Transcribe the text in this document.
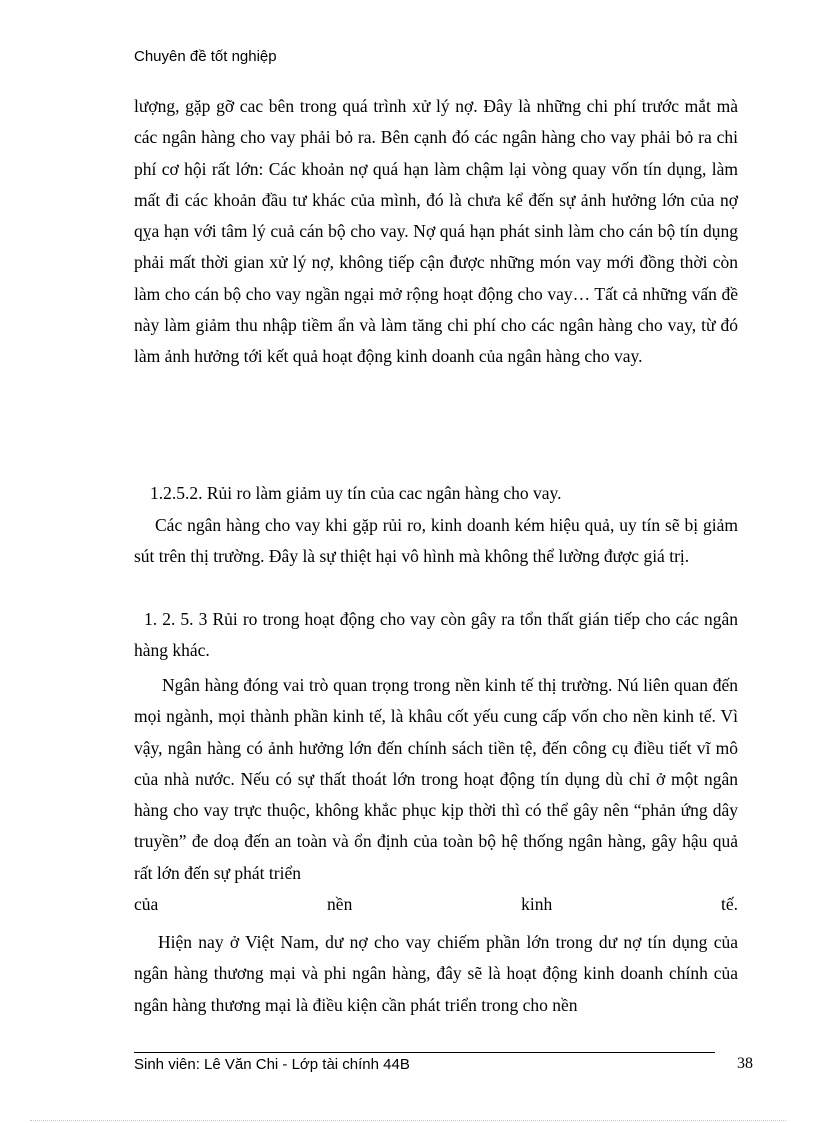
Chuyên đề tốt nghiệp

lượng, gặp gỡ cac bên trong quá trình xử lý nợ. Đây là những chi phí trước mắt mà các ngân hàng cho vay phải bỏ ra. Bên cạnh đó các ngân hàng cho vay phải bỏ ra chi phí cơ hội rất lớn: Các khoản nợ quá hạn làm chậm lại vòng quay vốn tín dụng, làm mất đi các khoản đầu tư khác của mình, đó là chưa kể đến sự ảnh hưởng lớn của nợ qỵa hạn với tâm lý cuả cán bộ cho vay. Nợ quá hạn phát sinh làm cho cán bộ tín dụng phải mất thời gian xử lý nợ, không tiếp cận được những món vay mới đồng thời còn làm cho cán bộ cho vay ngần ngại mở rộng hoạt động cho vay… Tất cả những vấn đề này làm giảm thu nhập tiềm ẩn và làm tăng chi phí cho các ngân hàng cho vay, từ đó làm ảnh hưởng tới kết quả hoạt động kinh doanh của ngân hàng cho vay.

1.2.5.2. Rủi ro làm giảm uy tín của cac ngân hàng cho vay.

Các ngân hàng cho vay khi gặp rủi ro, kinh doanh kém hiệu quả, uy tín sẽ bị giảm sút trên thị trường. Đây là sự thiệt hại vô hình mà không thể lường được giá trị.

1. 2. 5. 3 Rủi ro trong hoạt động cho vay còn gây ra tổn thất gián tiếp cho các ngân hàng khác.

Ngân hàng đóng vai trò quan trọng trong nền kinh tế thị trường. Nú liên quan đến mọi ngành, mọi thành phần kinh tế, là khâu cốt yếu cung cấp vốn cho nền kinh tế. Vì vậy, ngân hàng có ảnh hưởng lớn đến chính sách tiền tệ, đến công cụ điều tiết vĩ mô của nhà nước. Nếu có sự thất thoát lớn trong hoạt động tín dụng dù chỉ ở một ngân hàng cho vay trực thuộc, không khắc phục kịp thời thì có thể gây nên “phản ứng dây truyền” đe doạ đến an toàn và ổn định của toàn bộ hệ thống ngân hàng, gây hậu quả rất lớn đến sự phát triển
của	nền	kinh	tế.

Hiện nay ở Việt Nam, dư nợ cho vay chiếm phần lớn trong dư nợ tín dụng của ngân hàng thương mại và phi ngân hàng, đây sẽ là hoạt động kinh doanh chính của ngân hàng thương mại là điều kiện cần phát triển trong cho nền

Sinh viên: Lê Văn Chi - Lớp tài chính 44B	38
